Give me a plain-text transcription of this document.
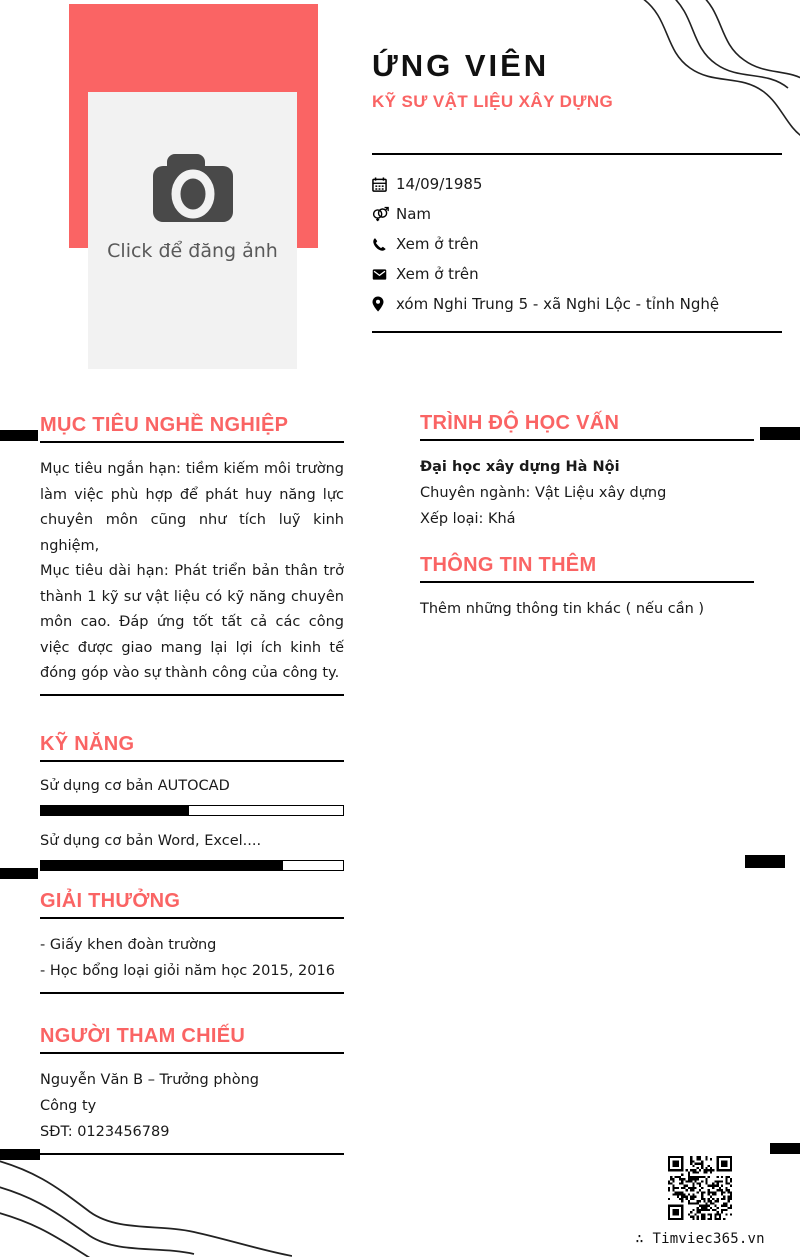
Click để đăng ảnh
ỨNG VIÊN
KỸ SƯ VẬT LIỆU XÂY DỰNG
14/09/1985
Nam
Xem ở trên
Xem ở trên
xóm Nghi Trung 5 - xã Nghi Lộc - tỉnh Nghệ
MỤC TIÊU NGHỀ NGHIỆP

Mục tiêu ngắn hạn: tiềm kiếm môi trường làm việc phù hợp để phát huy năng lực chuyên môn cũng như tích luỹ kinh nghiệm,
Mục tiêu dài hạn: Phát triển bản thân trở thành 1 kỹ sư vật liệu có kỹ năng chuyên môn cao. Đáp ứng tốt tất cả các công việc được giao mang lại lợi ích kinh tế đóng góp vào sự thành công của công ty.

KỸ NĂNG
Sử dụng cơ bản AUTOCAD
Sử dụng cơ bản Word, Excel....
GIẢI THƯỞNG
- Giấy khen đoàn trường
- Học bổng loại giỏi năm học 2015, 2016
NGƯỜI THAM CHIẾU
Nguyễn Văn B – Trưởng phòng
Công ty
SĐT: 0123456789
TRÌNH ĐỘ HỌC VẤN
Đại học xây dựng Hà Nội
Chuyên ngành: Vật Liệu xây dựng
Xếp loại: Khá
THÔNG TIN THÊM
Thêm những thông tin khác ( nếu cần )
∴ Timviec365.vn
